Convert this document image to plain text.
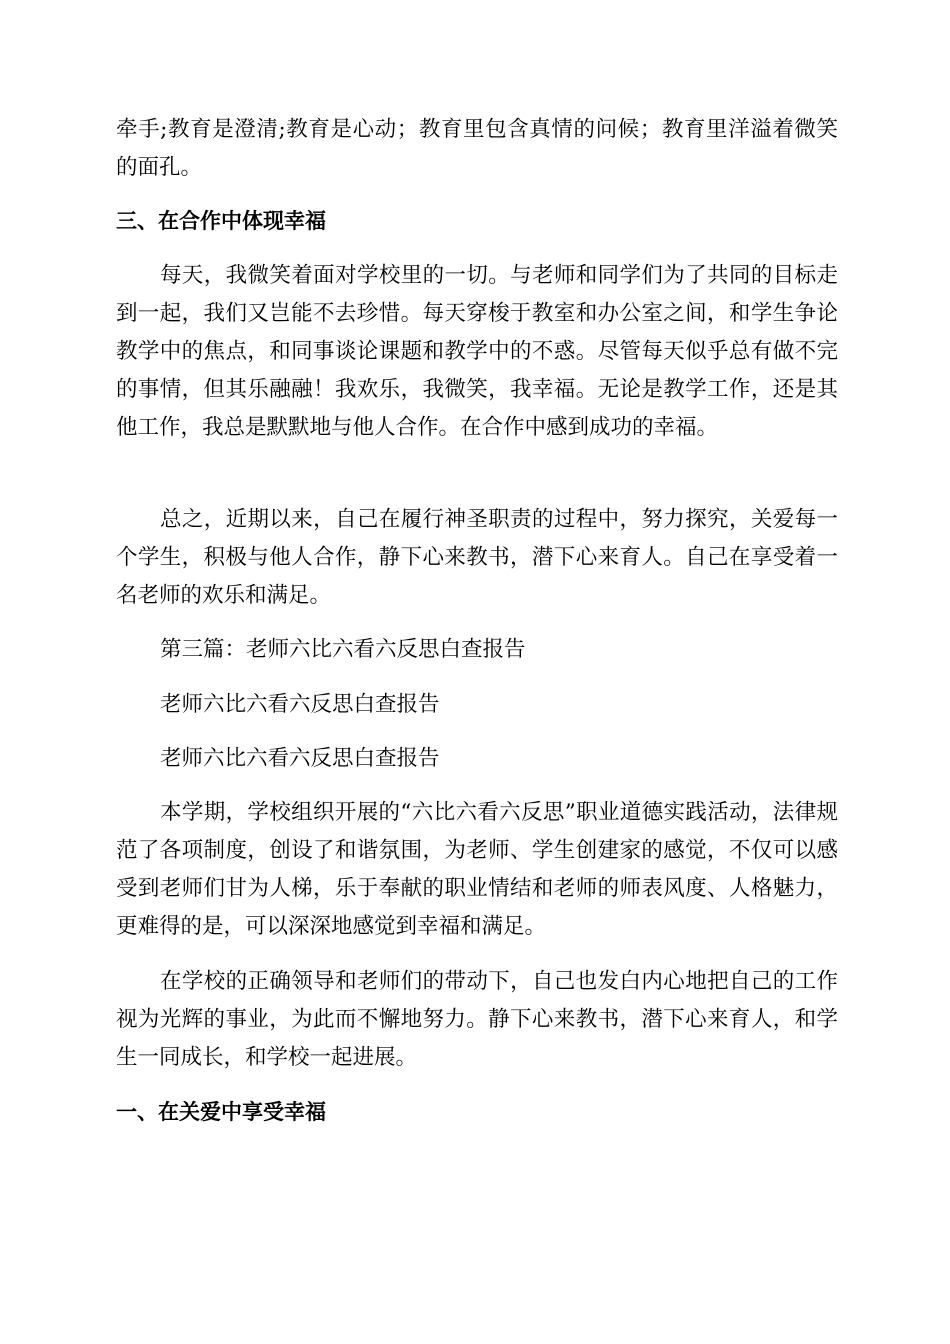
牵手;教育是澄清;教育是心动；教育里包含真情的问候；教育里洋溢着微笑的面孔。

三、在合作中体现幸福

每天，我微笑着面对学校里的一切。与老师和同学们为了共同的目标走到一起，我们又岂能不去珍惜。每天穿梭于教室和办公室之间，和学生争论教学中的焦点，和同事谈论课题和教学中的不惑。尽管每天似乎总有做不完的事情，但其乐融融！我欢乐，我微笑，我幸福。无论是教学工作，还是其他工作，我总是默默地与他人合作。在合作中感到成功的幸福。

总之，近期以来，自己在履行神圣职责的过程中，努力探究，关爱每一个学生，积极与他人合作，静下心来教书，潜下心来育人。自己在享受着一名老师的欢乐和满足。

第三篇：老师六比六看六反思白查报告

老师六比六看六反思白查报告

老师六比六看六反思白查报告

本学期，学校组织开展的“六比六看六反思”职业道德实践活动，法律规范了各项制度，创设了和谐氛围，为老师、学生创建家的感觉，不仅可以感受到老师们甘为人梯，乐于奉献的职业情结和老师的师表风度、人格魅力，更难得的是，可以深深地感觉到幸福和满足。

在学校的正确领导和老师们的带动下，自己也发白内心地把自己的工作视为光辉的事业，为此而不懈地努力。静下心来教书，潜下心来育人，和学生一同成长，和学校一起进展。

一、在关爱中享受幸福
